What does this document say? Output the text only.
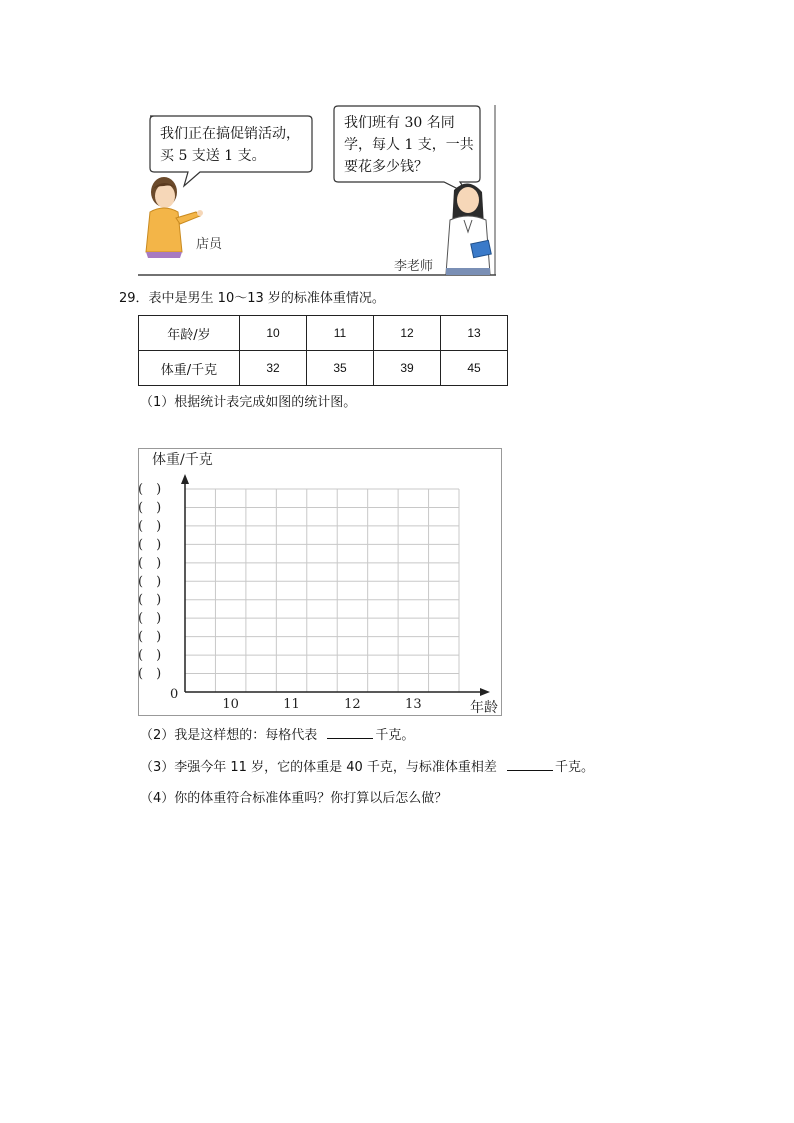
我们正在搞促销活动，
买 5 支送 1 支。
我们班有 30 名同
学，每人 1 支，一共
要花多少钱？
店员
李老师
29．表中是男生 10～13 岁的标准体重情况。
年龄/岁	10	11	12	13
体重/千克	32	35	39	45
（1）根据统计表完成如图的统计图。
体重/千克
0
年龄
10	11	12	13
(　)
(　)
(　)
(　)
(　)
(　)
(　)
(　)
(　)
(　)
(　)
（2）我是这样想的：每格代表	千克。
（3）李强今年 11 岁，它的体重是 40 千克，与标准体重相差	千克。
（4）你的体重符合标准体重吗？你打算以后怎么做？
